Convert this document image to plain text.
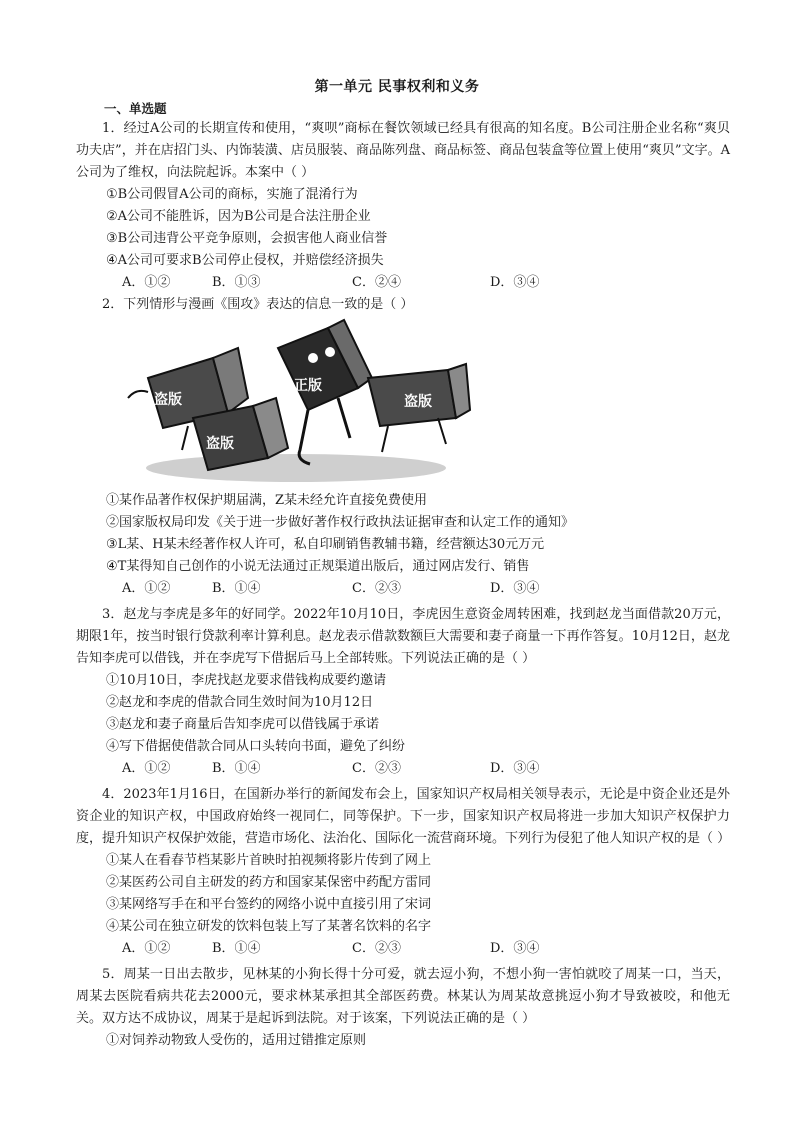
第一单元 民事权利和义务
一、单选题

1．经过A公司的长期宣传和使用，“爽呗”商标在餐饮领域已经具有很高的知名度。B公司注册企业名称“爽贝功夫店”，并在店招门头、内饰装潢、店员服装、商品陈列盘、商品标签、商品包装盒等位置上使用“爽贝”文字。A公司为了维权，向法院起诉。本案中（ ）

①B公司假冒A公司的商标，实施了混淆行为
②A公司不能胜诉，因为B公司是合法注册企业
③B公司违背公平竞争原则，会损害他人商业信誉
④A公司可要求B公司停止侵权，并赔偿经济损失
A．①②	B．①③	C．②④	D．③④

2．下列情形与漫画《围攻》表达的信息一致的是（ ）

盗版
盗版
正版
盗版
①某作品著作权保护期届满，Z某未经允许直接免费使用
②国家版权局印发《关于进一步做好著作权行政执法证据审查和认定工作的通知》
③L某、H某未经著作权人许可，私自印刷销售教辅书籍，经营额达30元万元
④T某得知自己创作的小说无法通过正规渠道出版后，通过网店发行、销售
A．①②	B．①④	C．②③	D．③④

3．赵龙与李虎是多年的好同学。2022年10月10日，李虎因生意资金周转困难，找到赵龙当面借款20万元，期限1年，按当时银行贷款利率计算利息。赵龙表示借款数额巨大需要和妻子商量一下再作答复。10月12日，赵龙告知李虎可以借钱，并在李虎写下借据后马上全部转账。下列说法正确的是（ ）

①10月10日，李虎找赵龙要求借钱构成要约邀请
②赵龙和李虎的借款合同生效时间为10月12日
③赵龙和妻子商量后告知李虎可以借钱属于承诺
④写下借据使借款合同从口头转向书面，避免了纠纷
A．①②	B．①④	C．②③	D．③④

4．2023年1月16日，在国新办举行的新闻发布会上，国家知识产权局相关领导表示，无论是中资企业还是外资企业的知识产权，中国政府始终一视同仁，同等保护。下一步，国家知识产权局将进一步加大知识产权保护力度，提升知识产权保护效能，营造市场化、法治化、国际化一流营商环境。下列行为侵犯了他人知识产权的是（ ）

①某人在看春节档某影片首映时拍视频将影片传到了网上
②某医药公司自主研发的药方和国家某保密中药配方雷同
③某网络写手在和平台签约的网络小说中直接引用了宋词
④某公司在独立研发的饮料包装上写了某著名饮料的名字
A．①②	B．①④	C．②③	D．③④

5．周某一日出去散步，见林某的小狗长得十分可爱，就去逗小狗，不想小狗一害怕就咬了周某一口，当天，周某去医院看病共花去2000元，要求林某承担其全部医药费。林某认为周某故意挑逗小狗才导致被咬，和他无关。双方达不成协议，周某于是起诉到法院。对于该案，下列说法正确的是（ ）

①对饲养动物致人受伤的，适用过错推定原则
